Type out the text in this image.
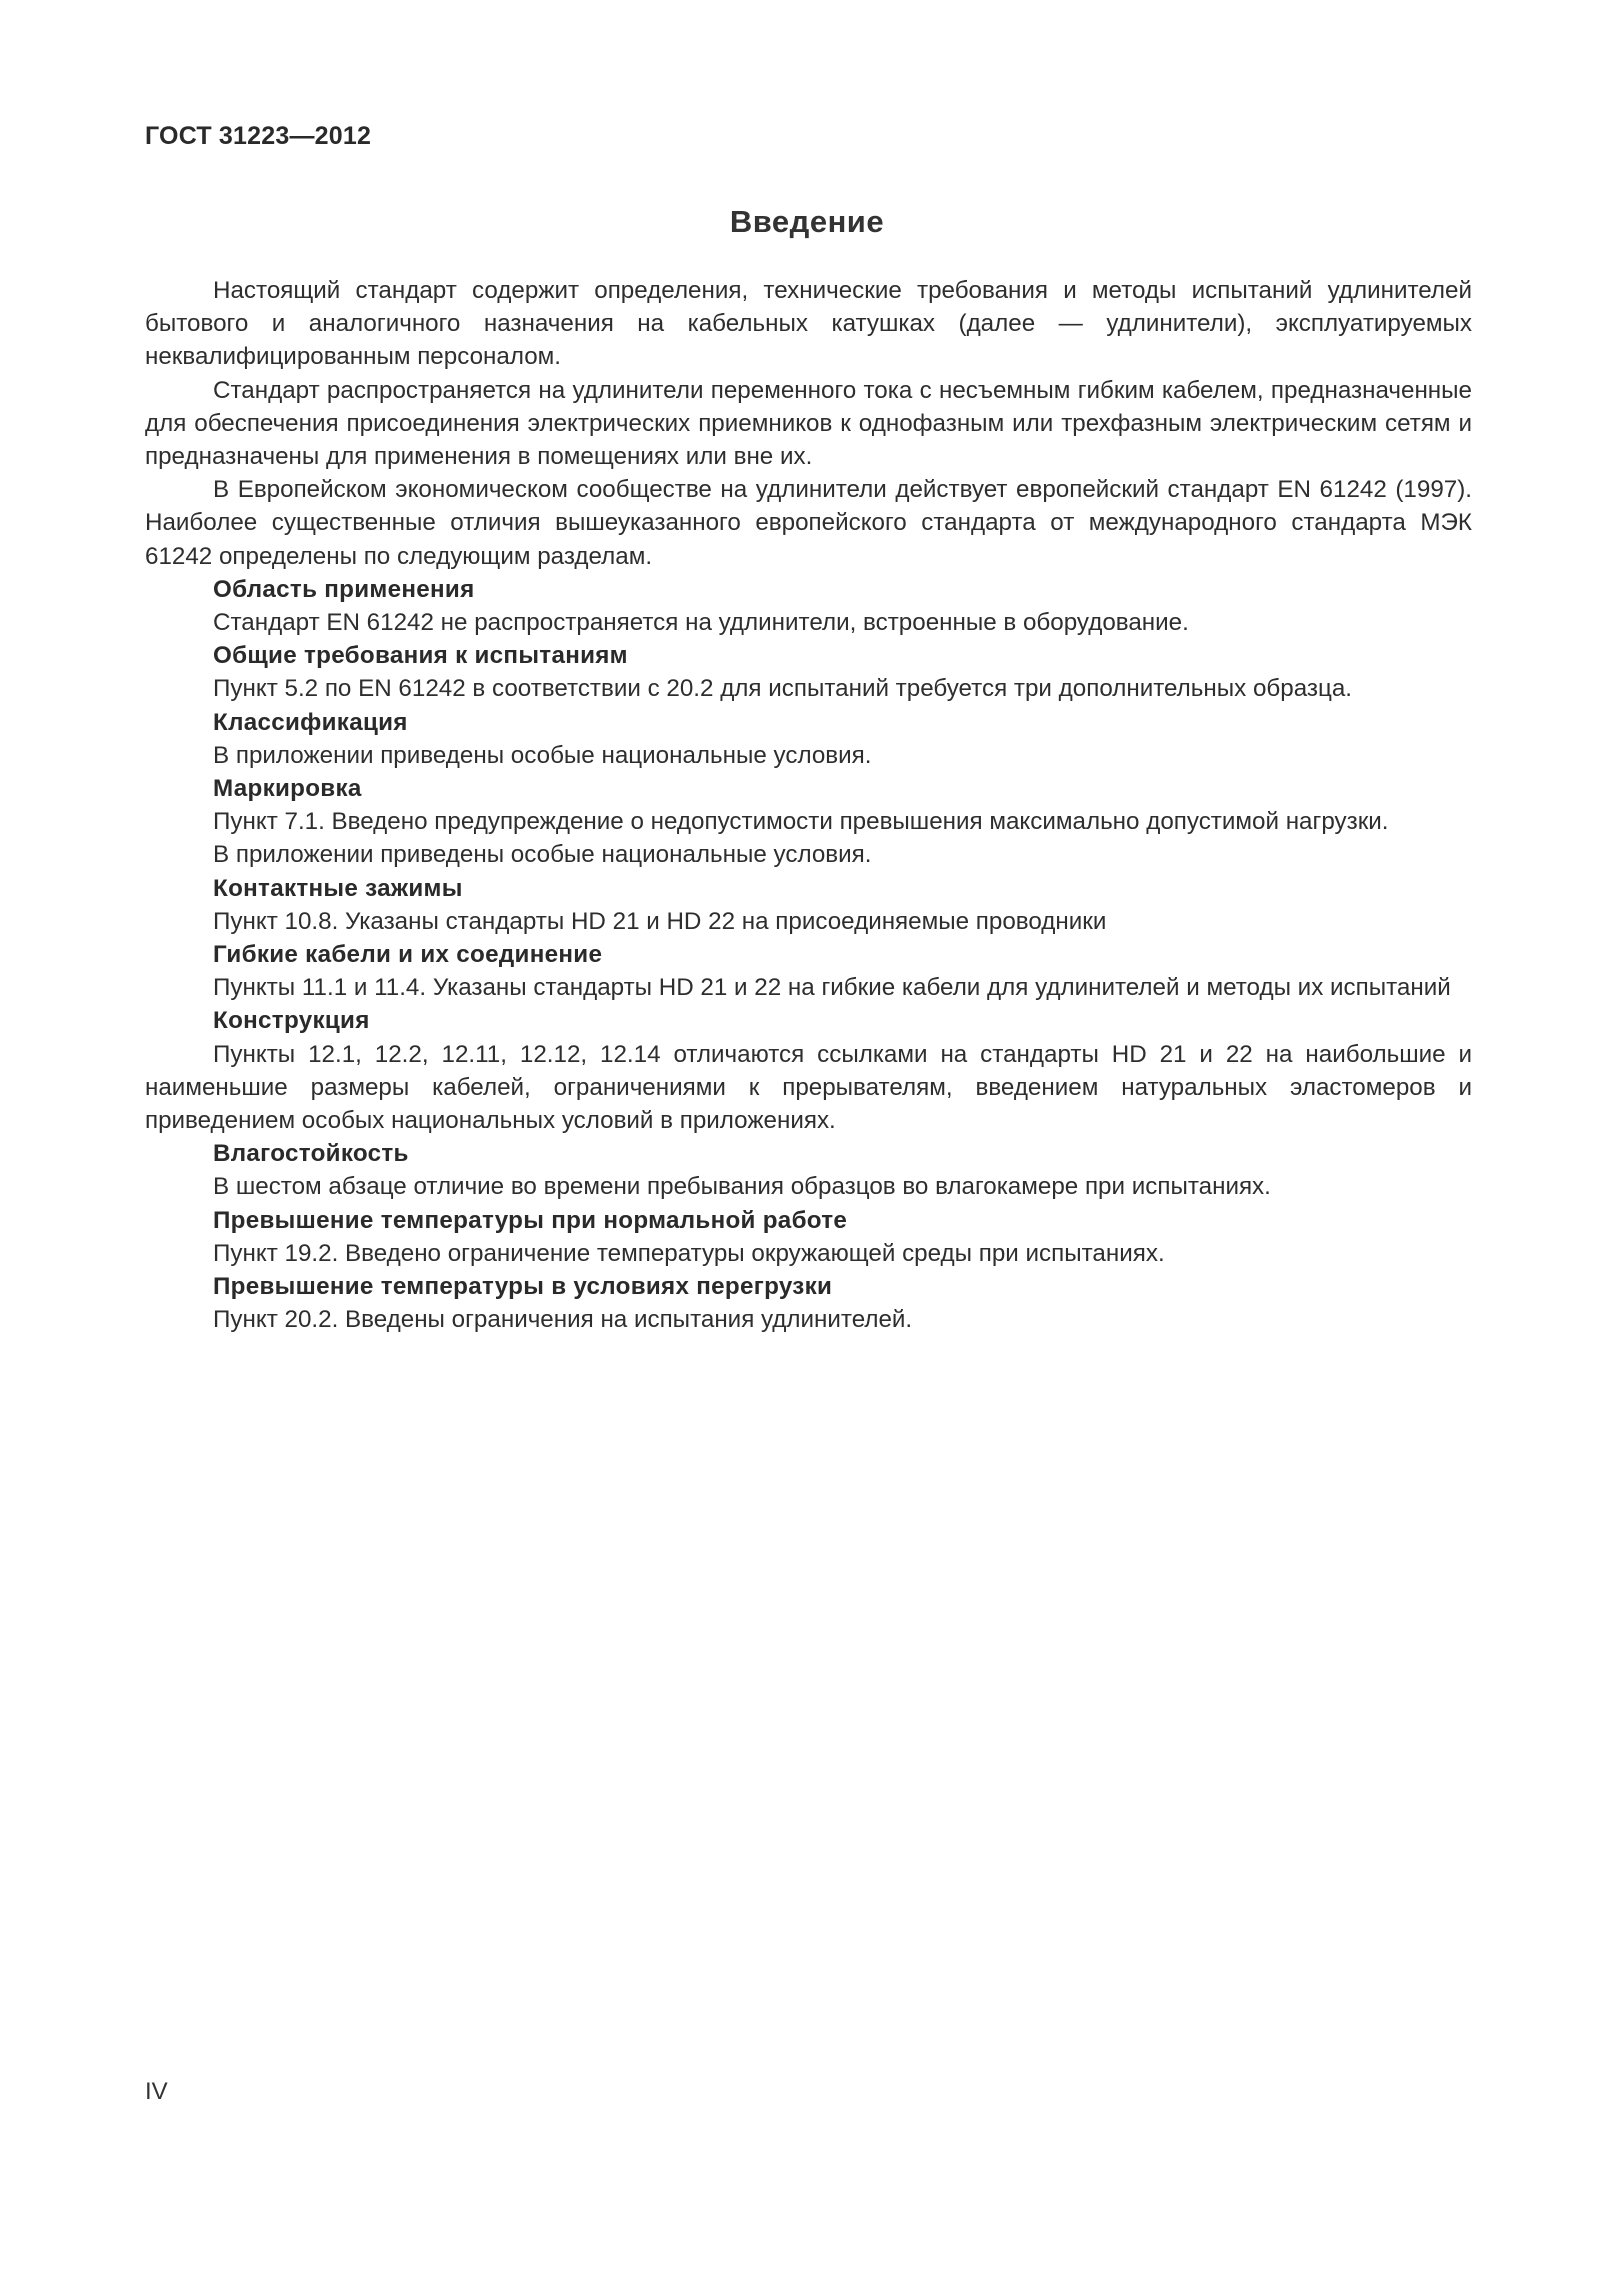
ГОСТ 31223—2012
Введение

Настоящий стандарт содержит определения, технические требования и методы испытаний удлинителей бытового и аналогичного назначения на кабельных катушках (далее — удлинители), эксплуатируемых неквалифицированным персоналом.

Стандарт распространяется на удлинители переменного тока с несъемным гибким кабелем, предназначенные для обеспечения присоединения электрических приемников к однофазным или трехфазным электрическим сетям и предназначены для применения в помещениях или вне их.

В Европейском экономическом сообществе на удлинители действует европейский стандарт EN 61242 (1997). Наиболее существенные отличия вышеуказанного европейского стандарта от международного стандарта МЭК 61242 определены по следующим разделам.

Область применения

Стандарт EN 61242 не распространяется на удлинители, встроенные в оборудование.

Общие требования к испытаниям

Пункт 5.2 по EN 61242 в соответствии с 20.2 для испытаний требуется три дополнительных образца.

Классификация

В приложении приведены особые национальные условия.

Маркировка

Пункт 7.1. Введено предупреждение о недопустимости превышения максимально допустимой нагрузки.

В приложении приведены особые национальные условия.

Контактные зажимы

Пункт 10.8. Указаны стандарты HD 21 и HD 22 на присоединяемые проводники

Гибкие кабели и их соединение

Пункты 11.1 и 11.4. Указаны стандарты HD 21 и 22 на гибкие кабели для удлинителей и методы их испытаний

Конструкция

Пункты 12.1, 12.2, 12.11, 12.12, 12.14 отличаются ссылками на стандарты HD 21 и 22 на наибольшие и наименьшие размеры кабелей, ограничениями к прерывателям, введением натуральных эластомеров и приведением особых национальных условий в приложениях.

Влагостойкость

В шестом абзаце отличие во времени пребывания образцов во влагокамере при испытаниях.

Превышение температуры при нормальной работе

Пункт 19.2. Введено ограничение температуры окружающей среды при испытаниях.

Превышение температуры в условиях перегрузки

Пункт 20.2. Введены ограничения на испытания удлинителей.

IV
